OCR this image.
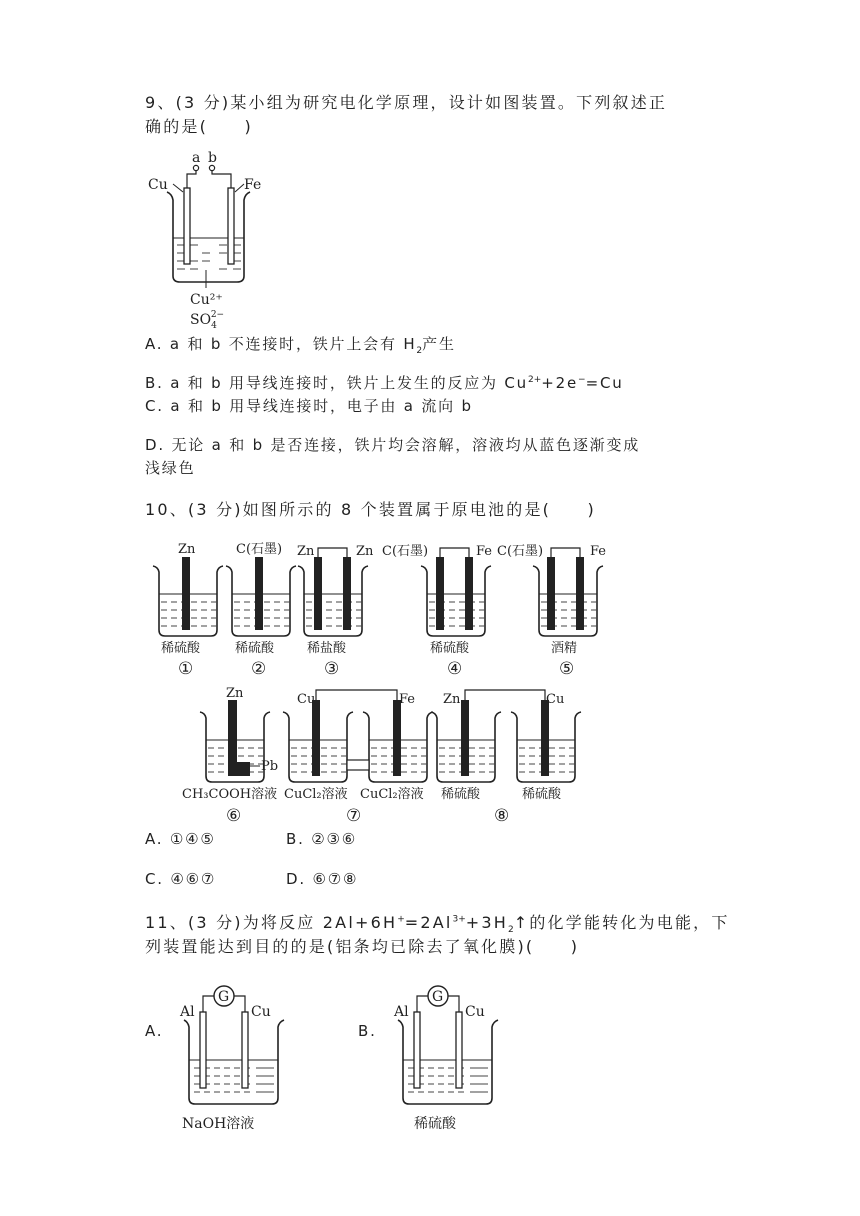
9、(3 分)某小组为研究电化学原理，设计如图装置。下列叙述正
确的是(　　)
a b
Cu	Fe
Cu²⁺
$SO_42-$
A. a 和 b 不连接时，铁片上会有 $H_2$产生
B. a 和 b 用导线连接时，铁片上发生的反应为 $Cu^{2+}+2e^-=Cu$
C. a 和 b 用导线连接时，电子由 a 流向 b
D. 无论 a 和 b 是否连接，铁片均会溶解，溶液均从蓝色逐渐变成
浅绿色
10、(3 分)如图所示的 8 个装置属于原电池的是(　　)
Zn
稀硫酸
①
C(石墨)
稀硫酸
②
Zn	Zn
稀盐酸
③
C(石墨)	Fe
稀硫酸
④
C(石墨)	Fe
酒精
⑤
Zn
Pb
CH₃COOH溶液
⑥
Cu	Fe
CuCl₂溶液 CuCl₂溶液
⑦
Zn	Cu
稀硫酸	稀硫酸
⑧
A. ①④⑤	B. ②③⑥
C. ④⑥⑦	D. ⑥⑦⑧
11、(3 分)为将反应 $2Al+6H^+=2Al^{3+}+3H_2↑$的化学能转化为电能，下
列装置能达到目的的是(铝条均已除去了氧化膜)(　　)
A.	B.
G
Al	Cu
NaOH溶液
G
Al	Cu
稀硫酸
